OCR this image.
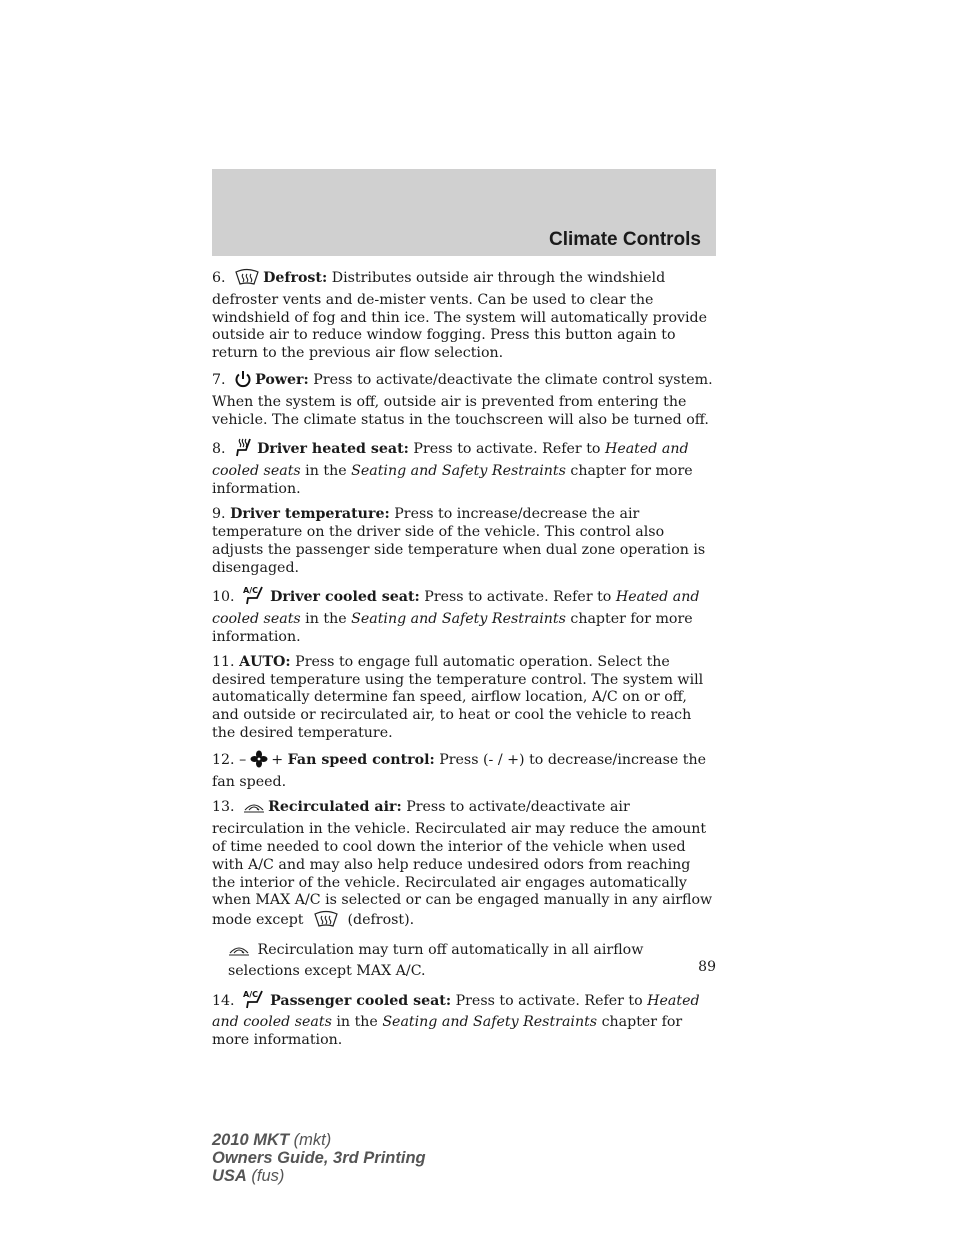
Climate Controls

6.	Defrost: Distributes outside air through the windshield defroster vents and de-mister vents. Can be used to clear the windshield of fog and thin ice. The system will automatically provide outside air to reduce window fogging. Press this button again to return to the previous air flow selection.

7. Power: Press to activate/deactivate the climate control system. When the system is off, outside air is prevented from entering the vehicle. The climate status in the touchscreen will also be turned off.

8. Driver heated seat: Press to activate. Refer to Heated and cooled seats in the Seating and Safety Restraints chapter for more information.

9. Driver temperature: Press to increase/decrease the air temperature on the driver side of the vehicle. This control also adjusts the passenger side temperature when dual zone operation is disengaged.

10. A/C Driver cooled seat: Press to activate. Refer to Heated and cooled seats in the Seating and Safety Restraints chapter for more information.

11. AUTO: Press to engage full automatic operation. Select the desired temperature using the temperature control. The system will automatically determine fan speed, airflow location, A/C on or off, and outside or recirculated air, to heat or cool the vehicle to reach the desired temperature.

12. – + Fan speed control: Press (- / +) to decrease/increase the fan speed.

13. Recirculated air: Press to activate/deactivate air recirculation in the vehicle. Recirculated air may reduce the amount of time needed to cool down the interior of the vehicle when used with A/C and may also help reduce undesired odors from reaching the interior of the vehicle. Recirculated air engages automatically when MAX A/C is selected or can be engaged manually in any airflow mode except  (defrost).

Recirculation may turn off automatically in all airflow selections except MAX A/C.

14. A/C Passenger cooled seat: Press to activate. Refer to Heated and cooled seats in the Seating and Safety Restraints chapter for more information.

89
2010 MKT (mkt)
Owners Guide, 3rd Printing
USA (fus)
